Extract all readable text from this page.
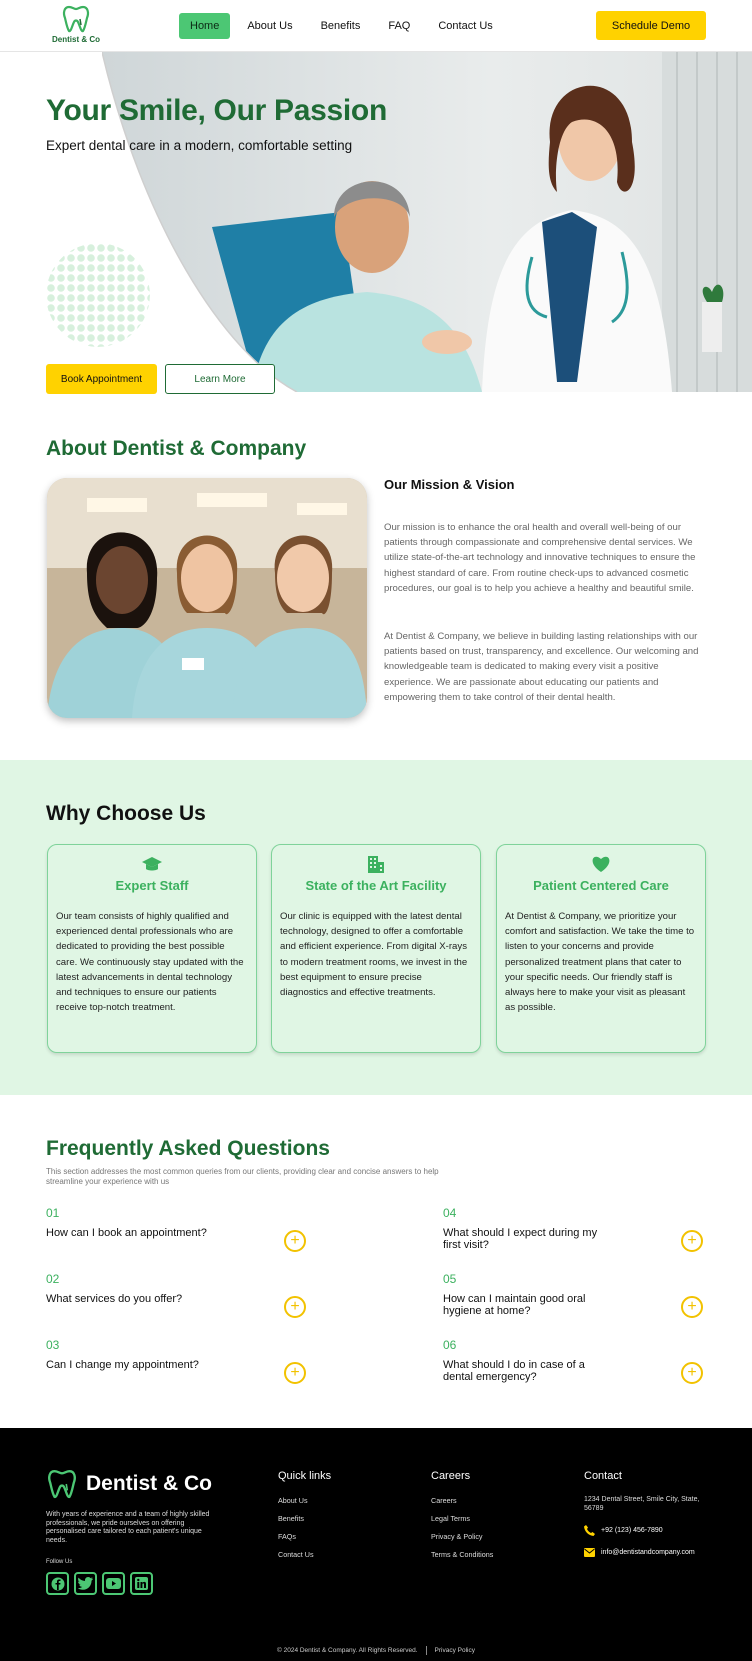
Dentist & Co
Home	About Us	Benefits	FAQ	Contact Us	Schedule Demo
Your Smile, Our Passion
Expert dental care in a modern, comfortable setting
Book Appointment	Learn More
About Dentist & Company
Our Mission & Vision
Our mission is to enhance the oral health and overall well-being of our patients through compassionate and comprehensive dental services. We utilize state-of-the-art technology and innovative techniques to ensure the highest standard of care. From routine check-ups to advanced cosmetic procedures, our goal is to help you achieve a healthy and beautiful smile.
At Dentist & Company, we believe in building lasting relationships with our patients based on trust, transparency, and excellence. Our welcoming and knowledgeable team is dedicated to making every visit a positive experience. We are passionate about educating our patients and empowering them to take control of their dental health.
Why Choose Us
Expert Staff

Our team consists of highly qualified and experienced dental professionals who are dedicated to providing the best possible care. We continuously stay updated with the latest advancements in dental technology and techniques to ensure our patients receive top-notch treatment.

State of the Art Facility

Our clinic is equipped with the latest dental technology, designed to offer a comfortable and efficient experience. From digital X-rays to modern treatment rooms, we invest in the best equipment to ensure precise diagnostics and effective treatments.

Patient Centered Care

At Dentist & Company, we prioritize your comfort and satisfaction. We take the time to listen to your concerns and provide personalized treatment plans that cater to your specific needs. Our friendly staff is always here to make your visit as pleasant as possible.

Frequently Asked Questions
This section addresses the most common queries from our clients, providing clear and concise answers to help streamline your experience with us
01
How can I book an appointment?	+
02
What services do you offer?	+
03
Can I change my appointment?	+
04
What should I expect during my first visit?	+
05
How can I maintain good oral hygiene at home?	+
06
What should I do in case of a dental emergency?	+
Dentist & Co
With years of experience and a team of highly skilled professionals, we pride ourselves on offering personalised care tailored to each patient's unique needs.
Follow Us
Quick links
About Us
Benefits
FAQs
Contact Us
Careers
Careers
Legal Terms
Privacy & Policy
Terms & Conditions
Contact
1234 Dental Street, Smile City, State, 56789
+92 (123) 456-7890
info@dentistandcompany.com
© 2024 Dentist & Company. All Rights Reserved.	Privacy Policy
